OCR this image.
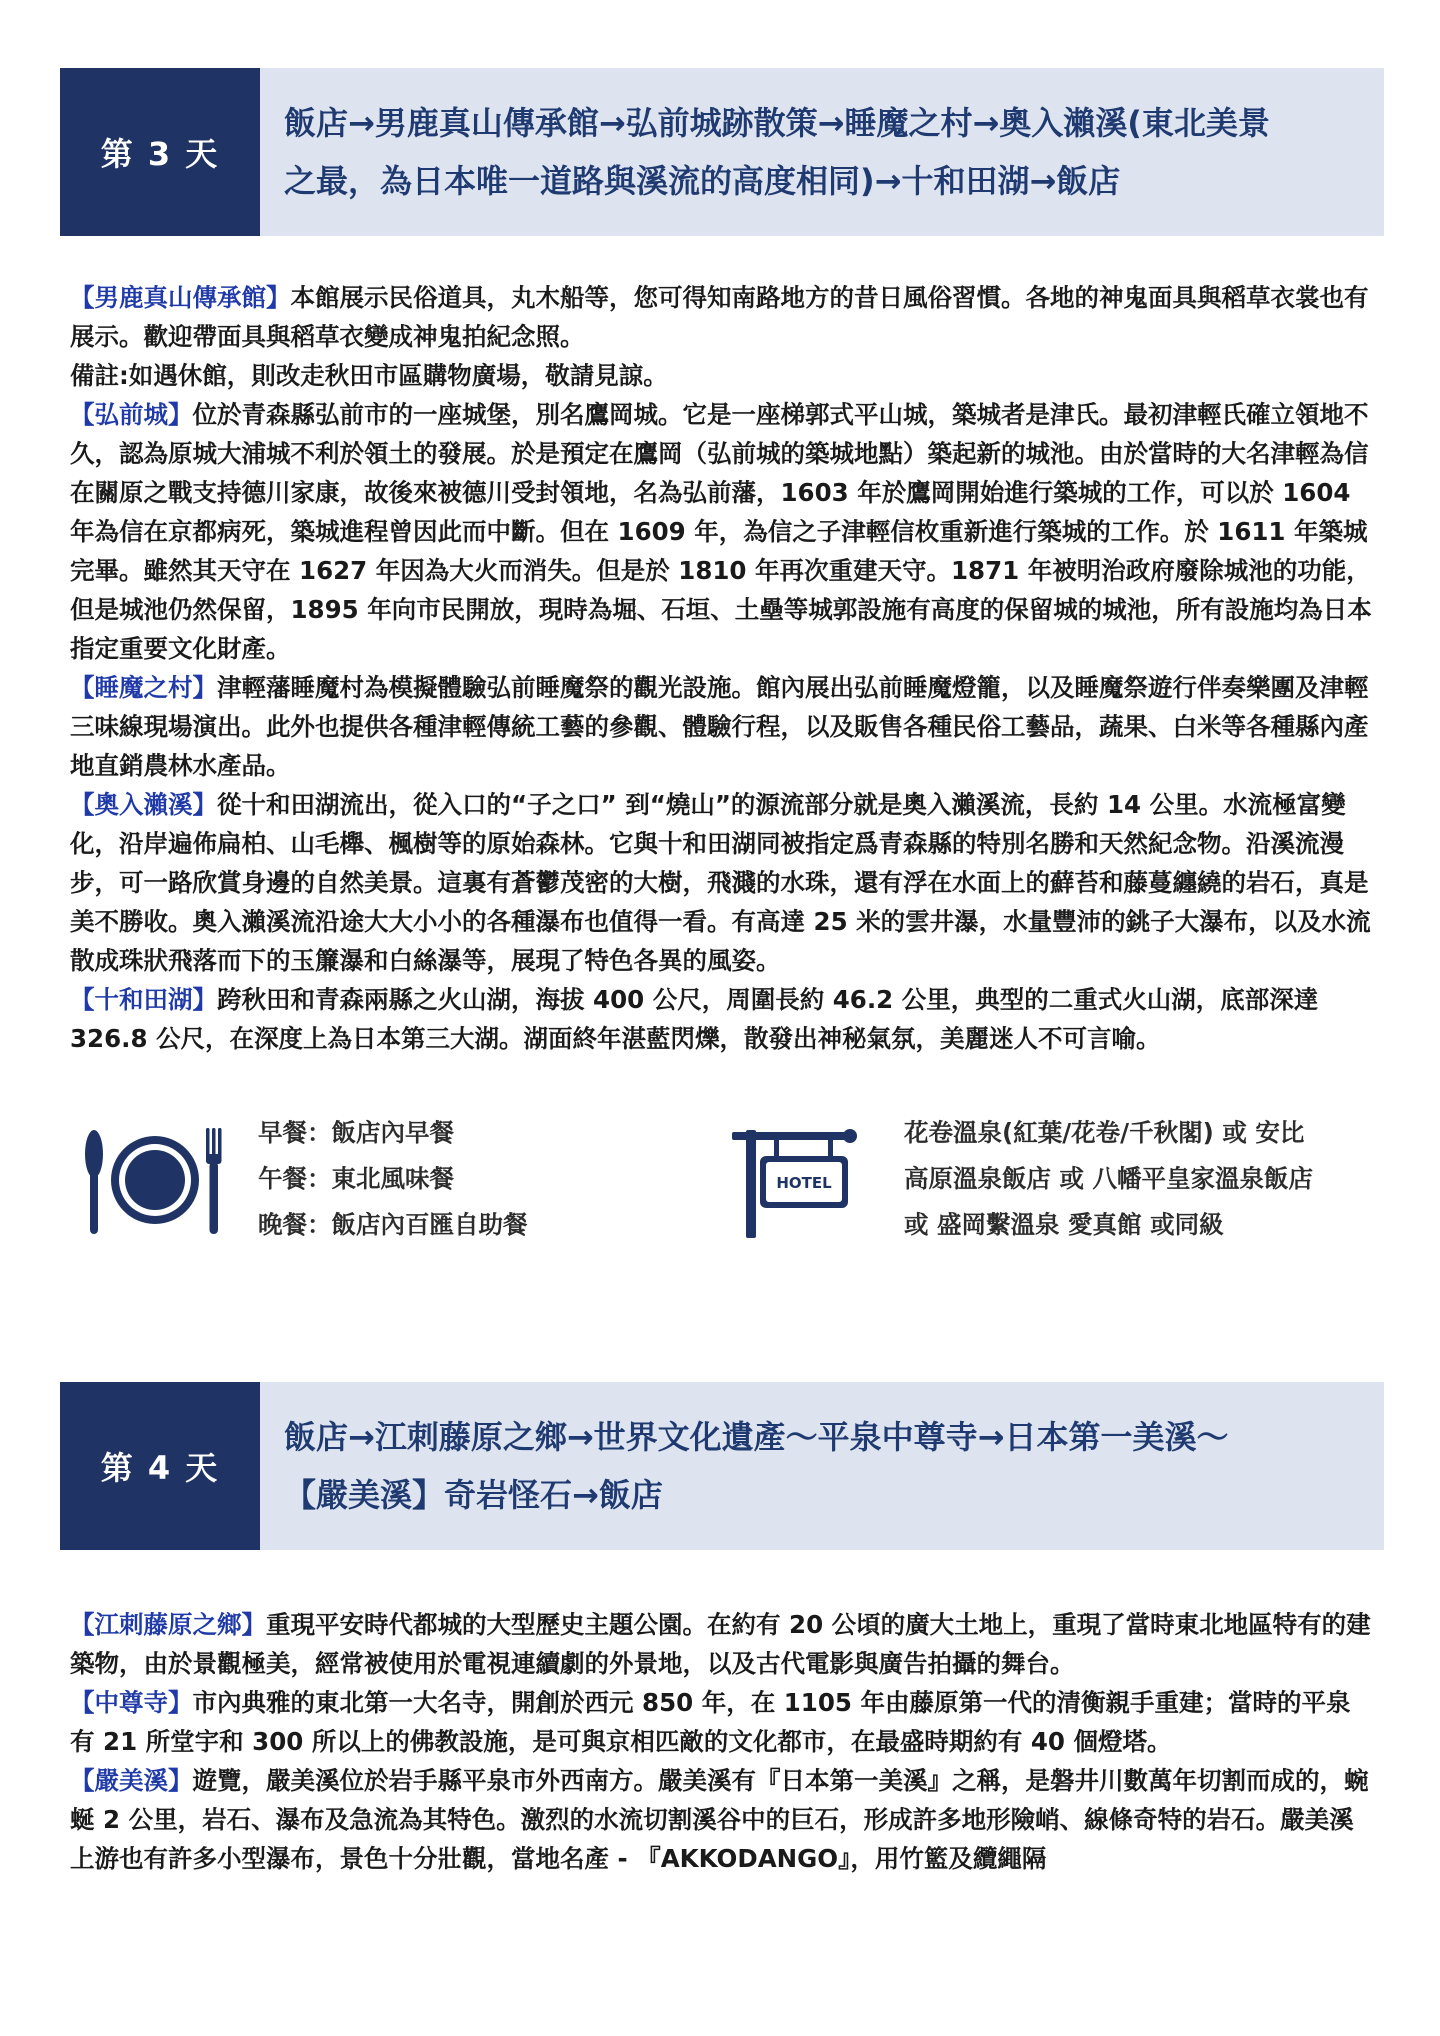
第 3 天
飯店→男鹿真山傳承館→弘前城跡散策→睡魔之村→奧入瀨溪(東北美景
之最，為日本唯一道路與溪流的高度相同)→十和田湖→飯店

【男鹿真山傳承館】本館展示民俗道具，丸木船等，您可得知南路地方的昔日風俗習慣。各地的神鬼面具與稻草衣裳也有展示。歡迎帶面具與稻草衣變成神鬼拍紀念照。

備註:如遇休館，則改走秋田市區購物廣場，敬請見諒。

【弘前城】位於青森縣弘前市的一座城堡，別名鷹岡城。它是一座梯郭式平山城，築城者是津氏。最初津輕氏確立領地不久，認為原城大浦城不利於領土的發展。於是預定在鷹岡（弘前城的築城地點）築起新的城池。由於當時的大名津輕為信在關原之戰支持德川家康，故後來被德川受封領地，名為弘前藩，1603 年於鷹岡開始進行築城的工作，可以於 1604 年為信在京都病死，築城進程曾因此而中斷。但在 1609 年，為信之子津輕信枚重新進行築城的工作。於 1611 年築城完畢。雖然其天守在 1627 年因為大火而消失。但是於 1810 年再次重建天守。1871 年被明治政府廢除城池的功能，但是城池仍然保留，1895 年向市民開放，現時為堀、石垣、土壘等城郭設施有高度的保留城的城池，所有設施均為日本指定重要文化財產。

【睡魔之村】津輕藩睡魔村為模擬體驗弘前睡魔祭的觀光設施。館內展出弘前睡魔燈籠，以及睡魔祭遊行伴奏樂團及津輕三味線現場演出。此外也提供各種津輕傳統工藝的參觀、體驗行程，以及販售各種民俗工藝品，蔬果、白米等各種縣內產地直銷農林水產品。

【奧入瀨溪】從十和田湖流出，從入口的“子之口” 到“燒山”的源流部分就是奧入瀨溪流，長約 14 公里。水流極富變化，沿岸遍佈扁柏、山毛櫸、楓樹等的原始森林。它與十和田湖同被指定爲青森縣的特別名勝和天然紀念物。沿溪流漫步，可一路欣賞身邊的自然美景。這裏有蒼鬱茂密的大樹，飛濺的水珠，還有浮在水面上的蘚苔和藤蔓纏繞的岩石，真是美不勝收。奧入瀨溪流沿途大大小小的各種瀑布也值得一看。有高達 25 米的雲井瀑，水量豐沛的銚子大瀑布，以及水流散成珠狀飛落而下的玉簾瀑和白絲瀑等，展現了特色各異的風姿。

【十和田湖】跨秋田和青森兩縣之火山湖，海拔 400 公尺，周圍長約 46.2 公里，典型的二重式火山湖，底部深達 326.8 公尺，在深度上為日本第三大湖。湖面終年湛藍閃爍，散發出神秘氣氛，美麗迷人不可言喻。

早餐：飯店內早餐
午餐：東北風味餐
晚餐：飯店內百匯自助餐
HOTEL
花卷溫泉(紅葉/花卷/千秋閣) 或 安比
高原溫泉飯店 或 八幡平皇家溫泉飯店
或 盛岡繫溫泉 愛真館 或同級
第 4 天
飯店→江刺藤原之鄉→世界文化遺產～平泉中尊寺→日本第一美溪～
【嚴美溪】奇岩怪石→飯店

【江刺藤原之鄉】重現平安時代都城的大型歷史主題公園。在約有 20 公頃的廣大土地上，重現了當時東北地區特有的建築物，由於景觀極美，經常被使用於電視連續劇的外景地，以及古代電影與廣告拍攝的舞台。

【中尊寺】市內典雅的東北第一大名寺，開創於西元 850 年，在 1105 年由藤原第一代的清衡親手重建；當時的平泉有 21 所堂宇和 300 所以上的佛教設施，是可與京相匹敵的文化都市，在最盛時期約有 40 個燈塔。

【嚴美溪】遊覽，嚴美溪位於岩手縣平泉市外西南方。嚴美溪有『日本第一美溪』之稱，是磐井川數萬年切割而成的，蜿蜒 2 公里，岩石、瀑布及急流為其特色。激烈的水流切割溪谷中的巨石，形成許多地形險峭、線條奇特的岩石。嚴美溪上游也有許多小型瀑布，景色十分壯觀，當地名產 - 『AKKODANGO』，用竹籃及纜繩隔
